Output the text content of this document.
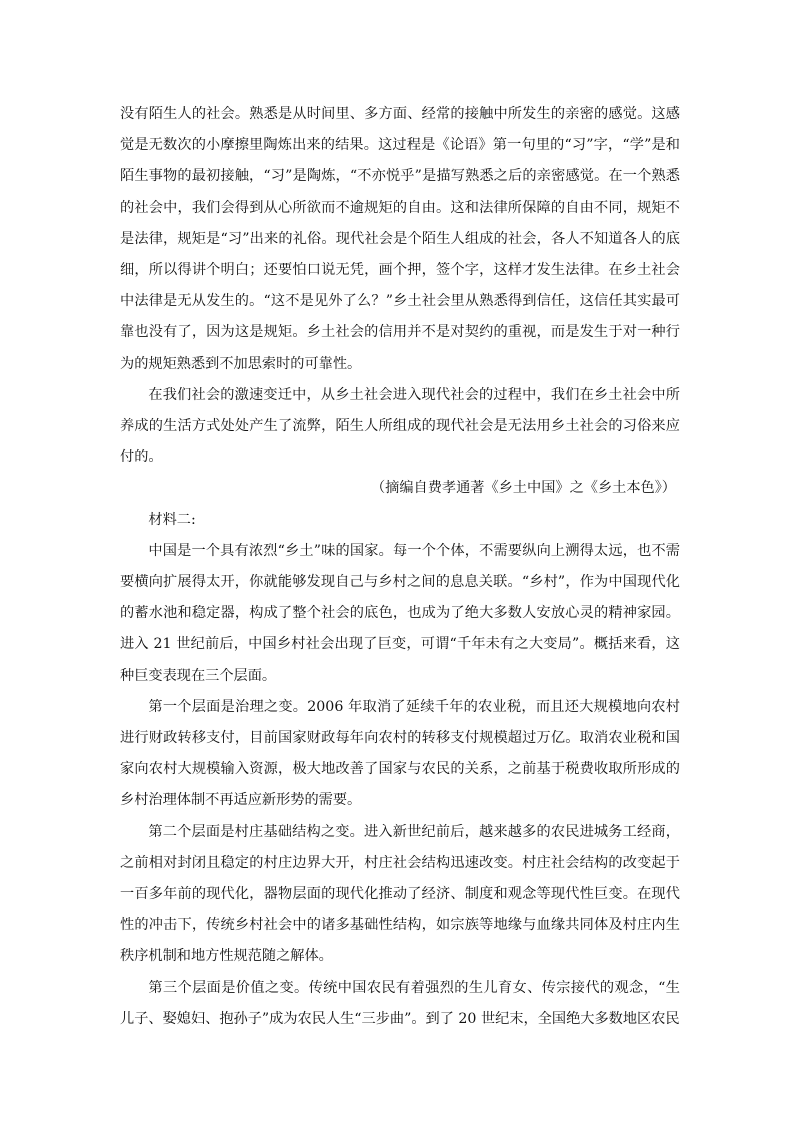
没有陌生人的社会。熟悉是从时间里、多方面、经常的接触中所发生的亲密的感觉。这感觉是无数次的小摩擦里陶炼出来的结果。这过程是《论语》第一句里的“习”字，“学”是和陌生事物的最初接触，“习”是陶炼，“不亦悦乎”是描写熟悉之后的亲密感觉。在一个熟悉的社会中，我们会得到从心所欲而不逾规矩的自由。这和法律所保障的自由不同，规矩不是法律，规矩是“习”出来的礼俗。现代社会是个陌生人组成的社会，各人不知道各人的底细，所以得讲个明白；还要怕口说无凭，画个押，签个字，这样才发生法律。在乡土社会中法律是无从发生的。“这不是见外了么？”乡土社会里从熟悉得到信任，这信任其实最可靠也没有了，因为这是规矩。乡土社会的信用并不是对契约的重视，而是发生于对一种行为的规矩熟悉到不加思索时的可靠性。

在我们社会的激速变迁中，从乡土社会进入现代社会的过程中，我们在乡土社会中所养成的生活方式处处产生了流弊，陌生人所组成的现代社会是无法用乡土社会的习俗来应付的。

（摘编自费孝通著《乡土中国》之《乡土本色》）

材料二:

中国是一个具有浓烈“乡土”味的国家。每一个个体，不需要纵向上溯得太远，也不需要横向扩展得太开，你就能够发现自己与乡村之间的息息关联。“乡村”，作为中国现代化的蓄水池和稳定器，构成了整个社会的底色，也成为了绝大多数人安放心灵的精神家园。进入 21 世纪前后，中国乡村社会出现了巨变，可谓“千年未有之大变局”。概括来看，这种巨变表现在三个层面。

第一个层面是治理之变。2006 年取消了延续千年的农业税，而且还大规模地向农村进行财政转移支付，目前国家财政每年向农村的转移支付规模超过万亿。取消农业税和国家向农村大规模输入资源，极大地改善了国家与农民的关系，之前基于税费收取所形成的乡村治理体制不再适应新形势的需要。

第二个层面是村庄基础结构之变。进入新世纪前后，越来越多的农民进城务工经商，之前相对封闭且稳定的村庄边界大开，村庄社会结构迅速改变。村庄社会结构的改变起于一百多年前的现代化，器物层面的现代化推动了经济、制度和观念等现代性巨变。在现代性的冲击下，传统乡村社会中的诸多基础性结构，如宗族等地缘与血缘共同体及村庄内生秩序机制和地方性规范随之解体。

第三个层面是价值之变。传统中国农民有着强烈的生儿育女、传宗接代的观念，“生儿子、娶媳妇、抱孙子”成为农民人生“三步曲”。到了 20 世纪末，全国绝大多数地区农民
